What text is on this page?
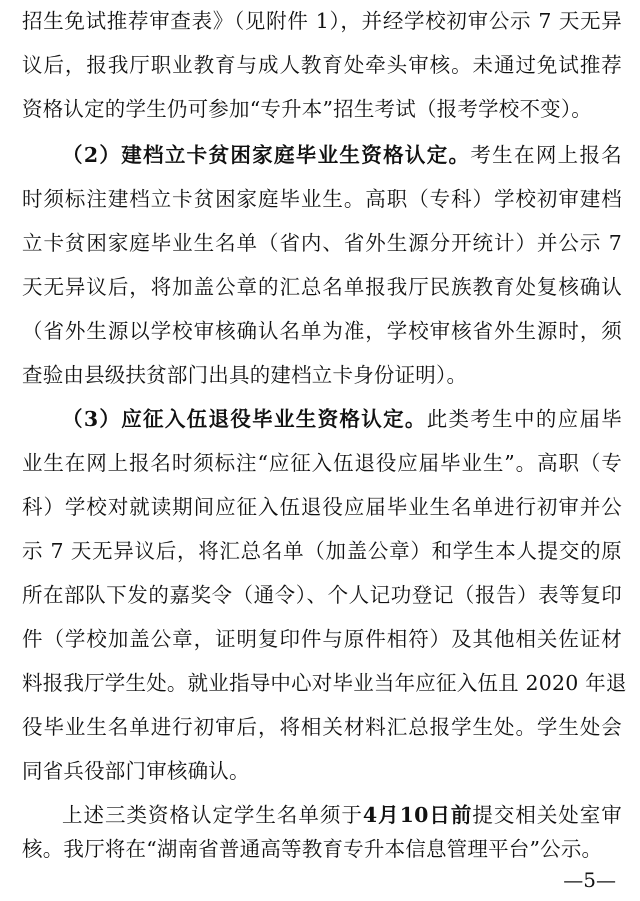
招生免试推荐审查表》（见附件 1），并经学校初审公示 7 天无异
议后，报我厅职业教育与成人教育处牵头审核。未通过免试推荐
资格认定的学生仍可参加“专升本”招生考试（报考学校不变）。
（2）建档立卡贫困家庭毕业生资格认定。考生在网上报名
时须标注建档立卡贫困家庭毕业生。高职（专科）学校初审建档
立卡贫困家庭毕业生名单（省内、省外生源分开统计）并公示 7
天无异议后，将加盖公章的汇总名单报我厅民族教育处复核确认
（省外生源以学校审核确认名单为准，学校审核省外生源时，须
查验由县级扶贫部门出具的建档立卡身份证明）。
（3）应征入伍退役毕业生资格认定。此类考生中的应届毕
业生在网上报名时须标注“应征入伍退役应届毕业生”。高职（专
科）学校对就读期间应征入伍退役应届毕业生名单进行初审并公
示 7 天无异议后，将汇总名单（加盖公章）和学生本人提交的原
所在部队下发的嘉奖令（通令）、个人记功登记（报告）表等复印
件（学校加盖公章，证明复印件与原件相符）及其他相关佐证材
料报我厅学生处。就业指导中心对毕业当年应征入伍且 2020 年退
役毕业生名单进行初审后，将相关材料汇总报学生处。学生处会
同省兵役部门审核确认。
上述三类资格认定学生名单须于4月10日前提交相关处室审
核。我厅将在“湖南省普通高等教育专升本信息管理平台”公示。
—5—
